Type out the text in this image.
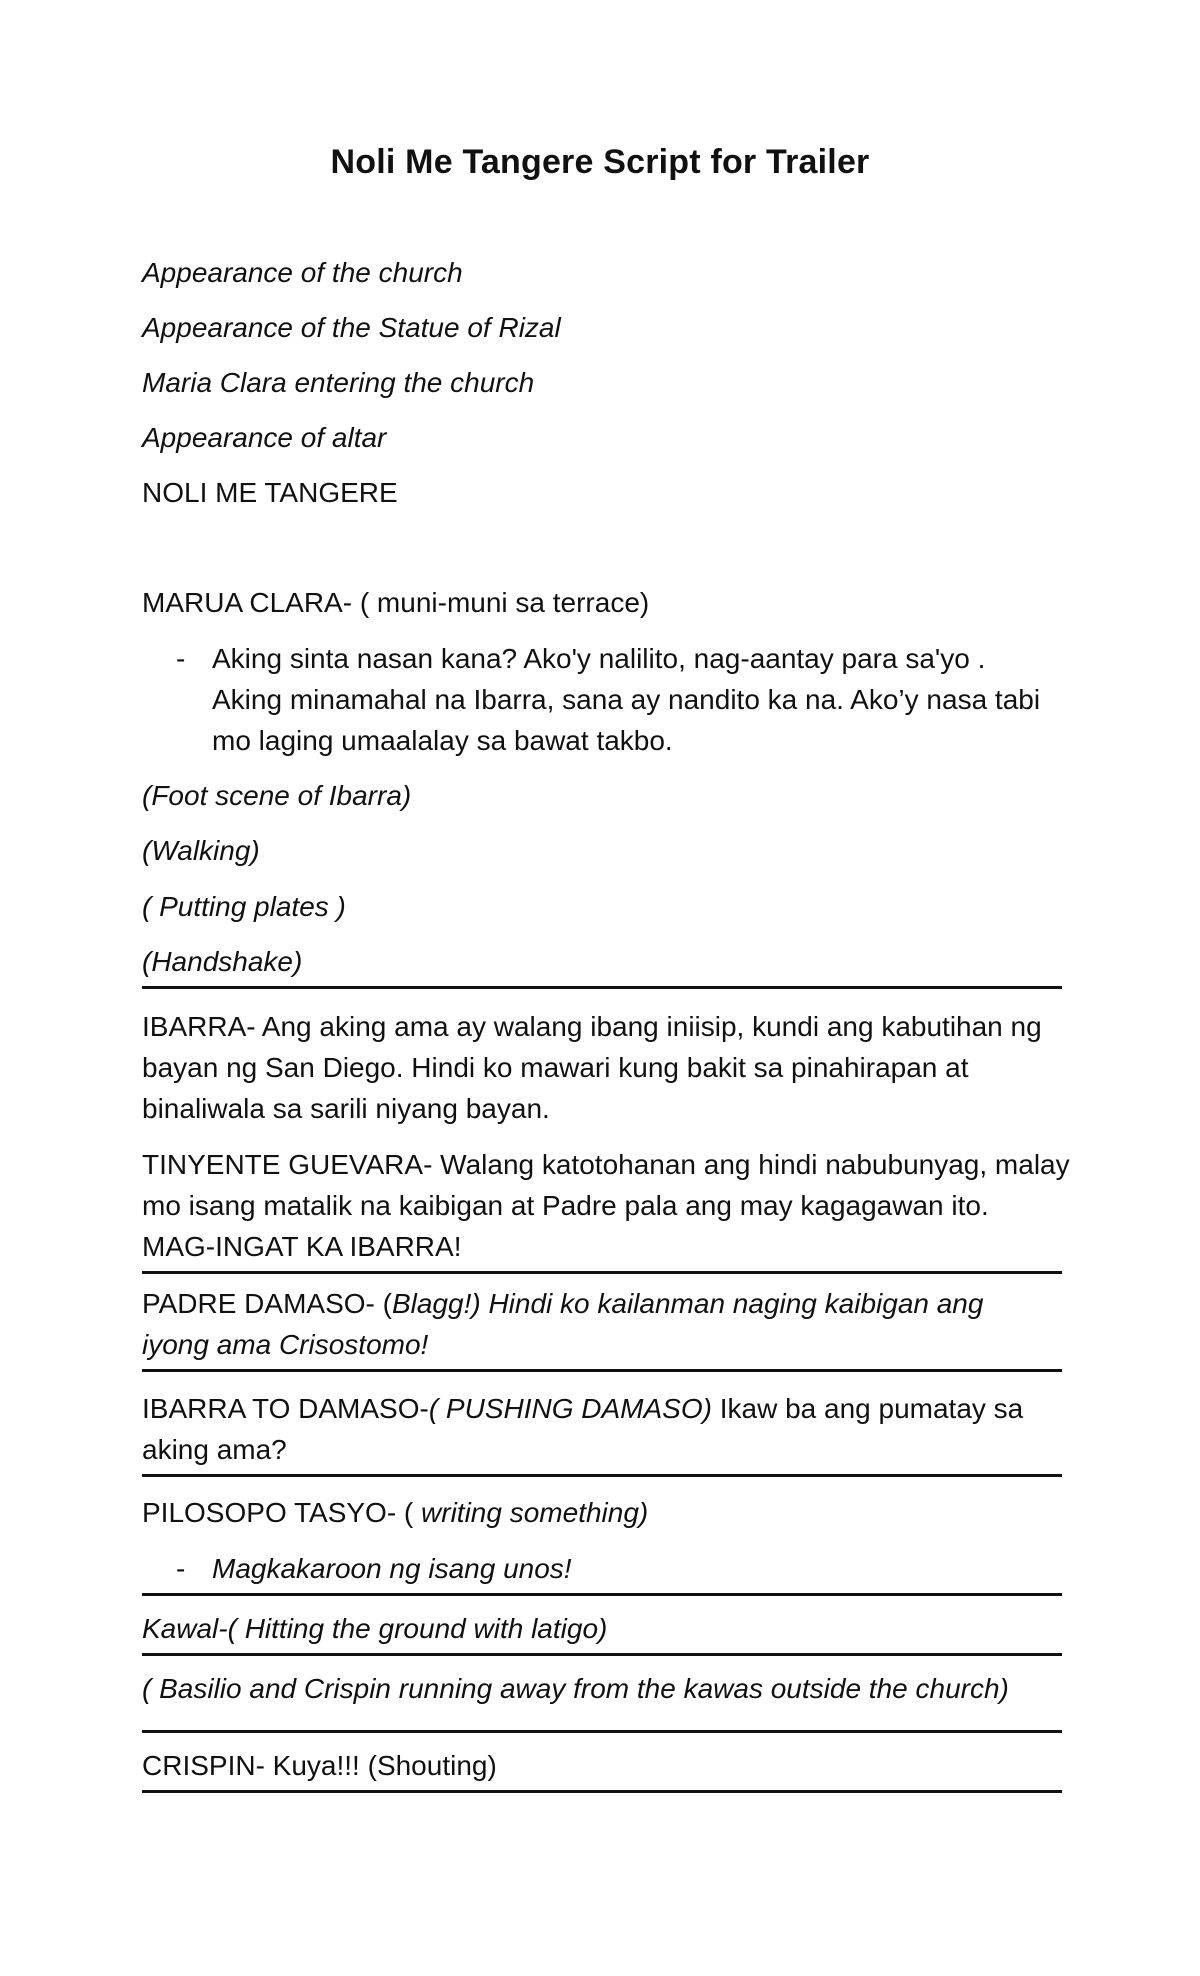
Noli Me Tangere Script for Trailer
Appearance of the church
Appearance of the Statue of Rizal
Maria Clara entering the church
Appearance of altar
NOLI ME TANGERE
MARUA CLARA- ( muni-muni sa terrace)
- Aking sinta nasan kana? Ako'y nalilito, nag-aantay para sa'yo .
Aking minamahal na Ibarra, sana ay nandito ka na. Ako’y nasa tabi
mo laging umaalalay sa bawat takbo.
(Foot scene of Ibarra)
(Walking)
( Putting plates )
(Handshake)
IBARRA- Ang aking ama ay walang ibang iniisip, kundi ang kabutihan ng
bayan ng San Diego. Hindi ko mawari kung bakit sa pinahirapan at
binaliwala sa sarili niyang bayan.
TINYENTE GUEVARA- Walang katotohanan ang hindi nabubunyag, malay
mo isang matalik na kaibigan at Padre pala ang may kagagawan ito.
MAG-INGAT KA IBARRA!
PADRE DAMASO- (Blagg!) Hindi ko kailanman naging kaibigan ang
iyong ama Crisostomo!
IBARRA TO DAMASO-( PUSHING DAMASO) Ikaw ba ang pumatay sa
aking ama?
PILOSOPO TASYO- ( writing something)
- Magkakaroon ng isang unos!
Kawal-( Hitting the ground with latigo)
( Basilio and Crispin running away from the kawas outside the church)
CRISPIN- Kuya!!! (Shouting)
